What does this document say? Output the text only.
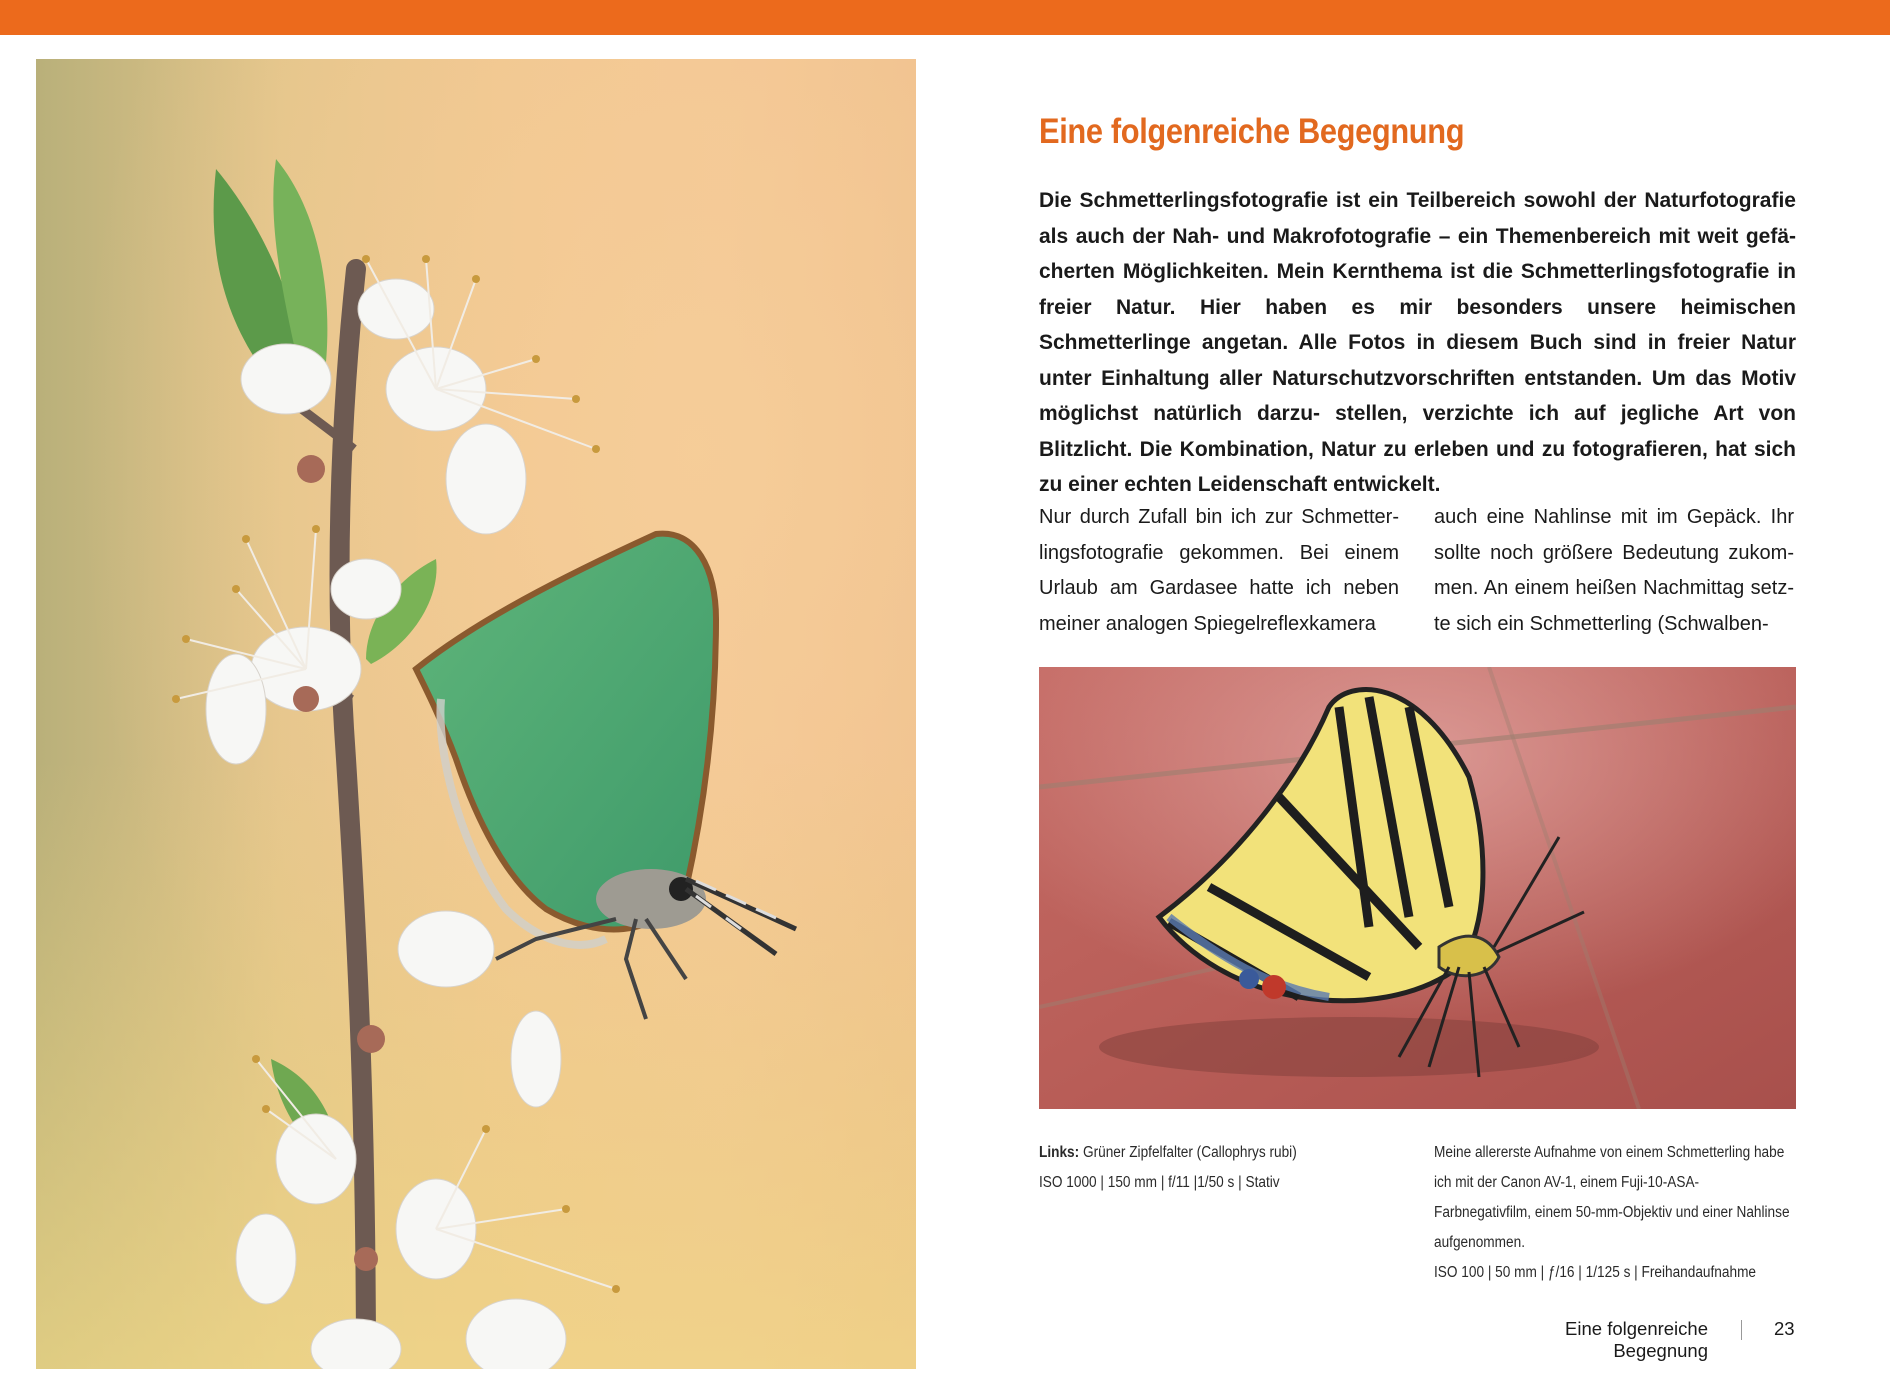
Eine folgenreiche Begegnung

Die Schmetterlingsfotografie ist ein Teilbereich sowohl der Naturfotografie als auch der Nah- und Makrofotografie – ein Themenbereich mit weit gefä- cherten Möglichkeiten. Mein Kernthema ist die Schmetterlingsfotografie in freier Natur. Hier haben es mir besonders unsere heimischen Schmetterlinge angetan. Alle Fotos in diesem Buch sind in freier Natur unter Einhaltung aller Naturschutzvorschriften entstanden. Um das Motiv möglichst natürlich darzu- stellen, verzichte ich auf jegliche Art von Blitzlicht. Die Kombination, Natur zu erleben und zu fotografieren, hat sich zu einer echten Leidenschaft entwickelt.

Nur durch Zufall bin ich zur Schmetter- lingsfotografie gekommen. Bei einem Urlaub am Gardasee hatte ich neben meiner analogen Spiegelreflexkamera

auch eine Nahlinse mit im Gepäck. Ihr sollte noch größere Bedeutung zukom- men. An einem heißen Nachmittag setz- te sich ein Schmetterling (Schwalben-

Links: Grüner Zipfelfalter (Callophrys rubi)
ISO 1000 | 150 mm | f/11 |1/50 s | Stativ
Meine allererste Aufnahme von einem Schmetterling habe ich mit der Canon AV-1, einem Fuji-10-ASA-Farbnegativfilm, einem 50-mm-Objektiv und einer Nahlinse aufgenommen.
ISO 100 | 50 mm | ƒ/16 | 1/125 s | Freihandaufnahme
Eine folgenreiche Begegnung
23
